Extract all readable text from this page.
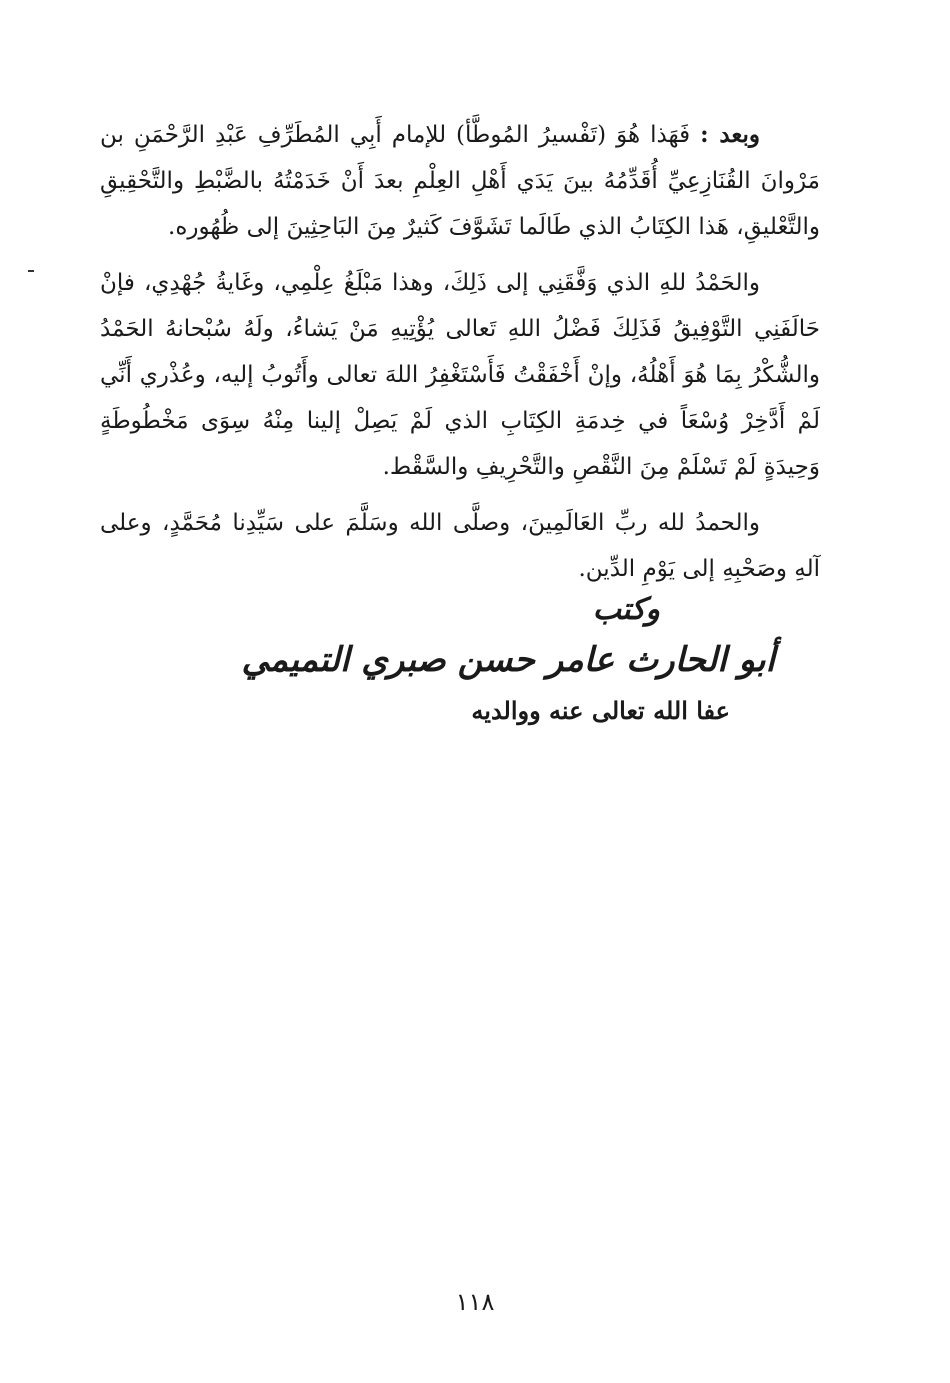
وبعد : فَهَذا هُوَ (تَفْسيرُ المُوطَّأ) للإمام أَبِي المُطَرِّفِ عَبْدِ الرَّحْمَنِ بن مَرْوانَ القُنَازِعِيِّ أُقَدِّمُهُ بينَ يَدَي أَهْلِ العِلْمِ بعدَ أَنْ خَدَمْتُهُ بالضَّبْطِ والتَّحْقِيقِ والتَّعْليقِ، هَذا الكِتَابُ الذي طَالَما تَشَوَّفَ كَثيرٌ مِنَ البَاحِثِينَ إلى ظُهُوره.

والحَمْدُ للهِ الذي وَفَّقَنِي إلى ذَلِكَ، وهذا مَبْلَغُ عِلْمِي، وغَايةُ جُهْدِي، فإنْ حَالَفَنِي التَّوْفِيقُ فَذَلِكَ فَضْلُ اللهِ تَعالى يُؤْتِيهِ مَنْ يَشاءُ، ولَهُ سُبْحانهُ الحَمْدُ والشُّكْرُ بِمَا هُوَ أَهْلُهُ، وإنْ أَخْفَقْتُ فَأَسْتَغْفِرُ اللهَ تعالى وأَتُوبُ إليه، وعُذْري أَنِّي لَمْ أَدَّخِرْ وُسْعَاً في خِدمَةِ الكِتَابِ الذي لَمْ يَصِلْ إلينا مِنْهُ سِوَى مَخْطُوطَةٍ وَحِيدَةٍ لَمْ تَسْلَمْ مِنَ النَّقْصِ والتَّحْرِيفِ والسَّقْط.

والحمدُ لله ربِّ العَالَمِينَ، وصلَّى الله وسَلَّمَ على سَيِّدِنا مُحَمَّدٍ، وعلى آلهِ وصَحْبِهِ إلى يَوْمِ الدِّين.

وكتب
أبو الحارث عامر حسن صبري التميمي
عفا الله تعالى عنه ووالديه
١١٨
